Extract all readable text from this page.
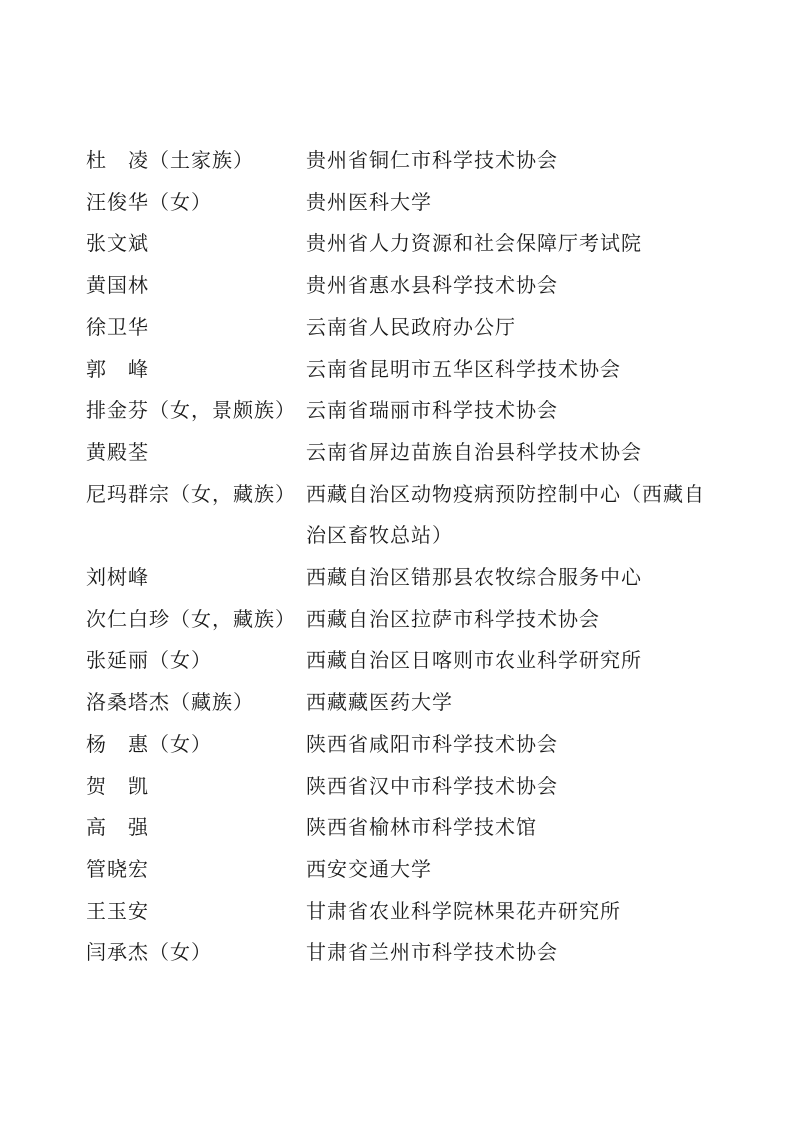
杜　凌（土家族）	贵州省铜仁市科学技术协会
汪俊华（女）	贵州医科大学
张文斌	贵州省人力资源和社会保障厅考试院
黄国林	贵州省惠水县科学技术协会
徐卫华	云南省人民政府办公厅
郭　峰	云南省昆明市五华区科学技术协会
排金芬（女，景颇族） 云南省瑞丽市科学技术协会
黄殿荃	云南省屏边苗族自治县科学技术协会
尼玛群宗（女，藏族） 西藏自治区动物疫病预防控制中心（西藏自治区畜牧总站）
刘树峰	西藏自治区错那县农牧综合服务中心
次仁白珍（女，藏族） 西藏自治区拉萨市科学技术协会
张延丽（女）	西藏自治区日喀则市农业科学研究所
洛桑塔杰（藏族）	西藏藏医药大学
杨　惠（女）	陕西省咸阳市科学技术协会
贺　凯	陕西省汉中市科学技术协会
高　强	陕西省榆林市科学技术馆
管晓宏	西安交通大学
王玉安	甘肃省农业科学院林果花卉研究所
闫承杰（女）	甘肃省兰州市科学技术协会
